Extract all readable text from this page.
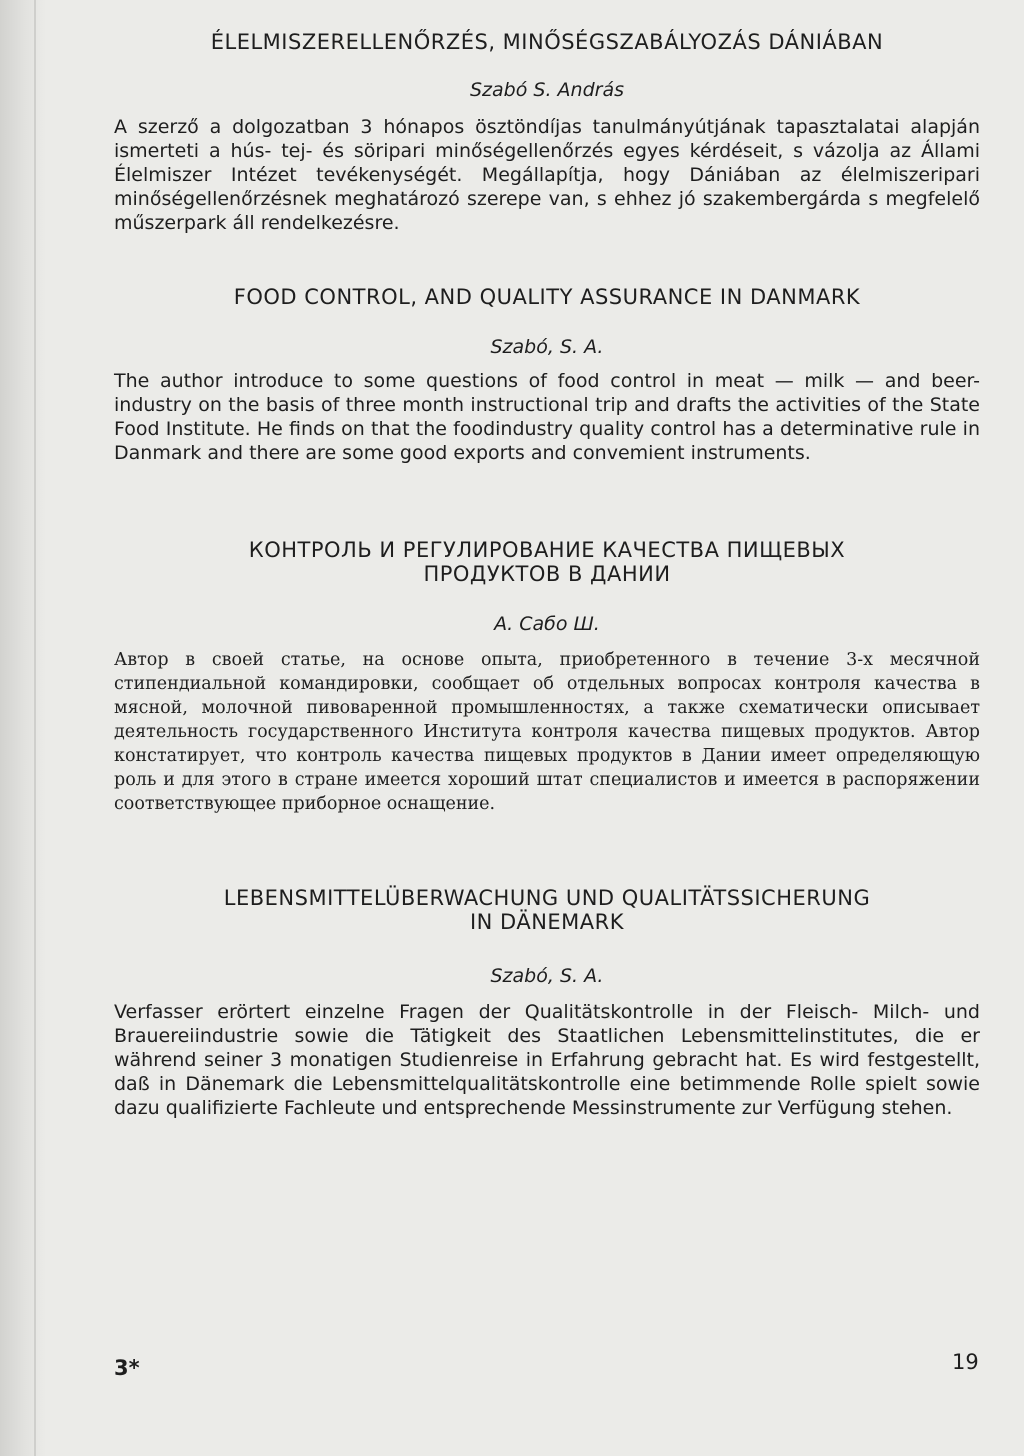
ÉLELMISZERELLENŐRZÉS, MINŐSÉGSZABÁLYOZÁS DÁNIÁBAN

Szabó S. András

A szerző a dolgozatban 3 hónapos ösztöndíjas tanulmányútjának tapasztalatai alapján ismerteti a hús- tej- és söripari minőségellenőrzés egyes kérdéseit, s vázolja az Állami Élelmiszer Intézet tevékenységét. Megállapítja, hogy Dániában az élelmiszeripari minőségellenőrzésnek meghatározó szerepe van, s ehhez jó szakembergárda s megfelelő műszerpark áll rendelkezésre.

FOOD CONTROL, AND QUALITY ASSURANCE IN DANMARK

Szabó, S. A.

The author introduce to some questions of food control in meat — milk — and beer- industry on the basis of three month instructional trip and drafts the activities of the State Food Institute. He finds on that the foodindustry quality control has a determinative rule in Danmark and there are some good exports and convemient instruments.

КОНТРОЛЬ И РЕГУЛИРОВАНИЕ КАЧЕСТВА ПИЩЕВЫХ
ПРОДУКТОВ В ДАНИИ

А. Сабо Ш.

Автор в своей статье, на основе опыта, приобретенного в течение 3-х месячной стипендиальной командировки, сообщает об отдельных вопросах контроля качества в мясной, молочной пивоваренной промышленностях, а также схематически описывает деятельность государственного Института контроля качества пищевых продуктов. Автор констатирует, что контроль качества пищевых продуктов в Дании имеет определяющую роль и для этого в стране имеется хороший штат специалистов и имеется в распоряжении соответствующее приборное оснащение.

LEBENSMITTELÜBERWACHUNG UND QUALITÄTSSICHERUNG
IN DÄNEMARK

Szabó, S. A.

Verfasser erörtert einzelne Fragen der Qualitätskontrolle in der Fleisch- Milch- und Brauereiindustrie sowie die Tätigkeit des Staatlichen Lebensmittelinstitutes, die er während seiner 3 monatigen Studienreise in Erfahrung gebracht hat. Es wird festgestellt, daß in Dänemark die Lebensmittelqualitätskontrolle eine betimmende Rolle spielt sowie dazu qualifizierte Fachleute und entsprechende Messinstrumente zur Verfügung stehen.

3*	19
